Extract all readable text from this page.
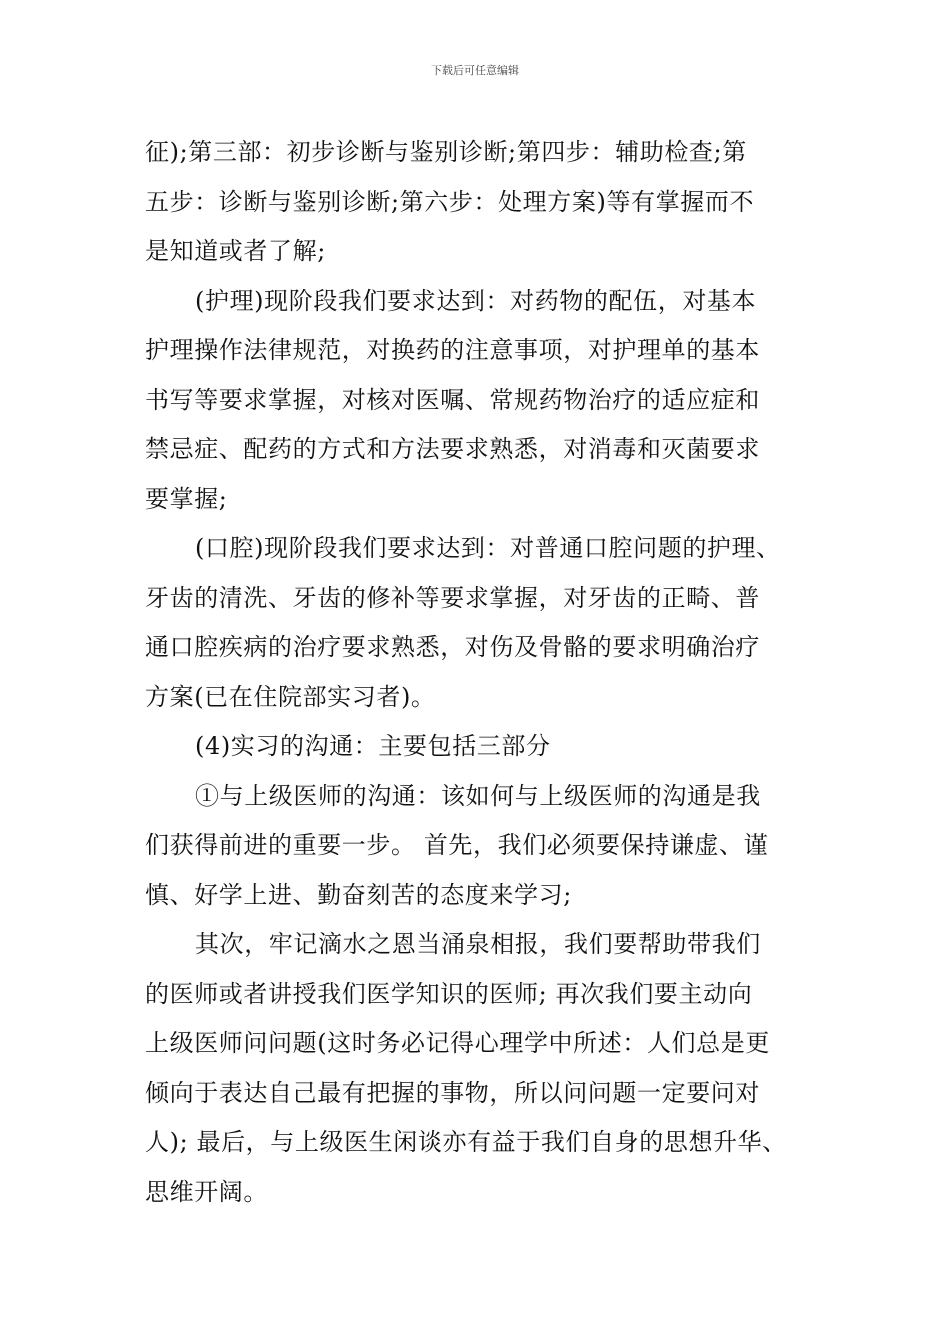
下载后可任意编辑

征);第三部：初步诊断与鉴别诊断;第四步：辅助检查;第
五步：诊断与鉴别诊断;第六步：处理方案)等有掌握而不
是知道或者了解;

(护理)现阶段我们要求达到：对药物的配伍，对基本
护理操作法律规范，对换药的注意事项，对护理单的基本
书写等要求掌握，对核对医嘱、常规药物治疗的适应症和
禁忌症、配药的方式和方法要求熟悉，对消毒和灭菌要求
要掌握;

(口腔)现阶段我们要求达到：对普通口腔问题的护理、
牙齿的清洗、牙齿的修补等要求掌握，对牙齿的正畸、普
通口腔疾病的治疗要求熟悉，对伤及骨骼的要求明确治疗
方案(已在住院部实习者)。

(4)实习的沟通：主要包括三部分

①与上级医师的沟通：该如何与上级医师的沟通是我
们获得前进的重要一步。 首先，我们必须要保持谦虚、谨
慎、好学上进、勤奋刻苦的态度来学习;

其次，牢记滴水之恩当涌泉相报，我们要帮助带我们
的医师或者讲授我们医学知识的医师; 再次我们要主动向
上级医师问问题(这时务必记得心理学中所述：人们总是更
倾向于表达自己最有把握的事物，所以问问题一定要问对
人); 最后，与上级医生闲谈亦有益于我们自身的思想升华、
思维开阔。
